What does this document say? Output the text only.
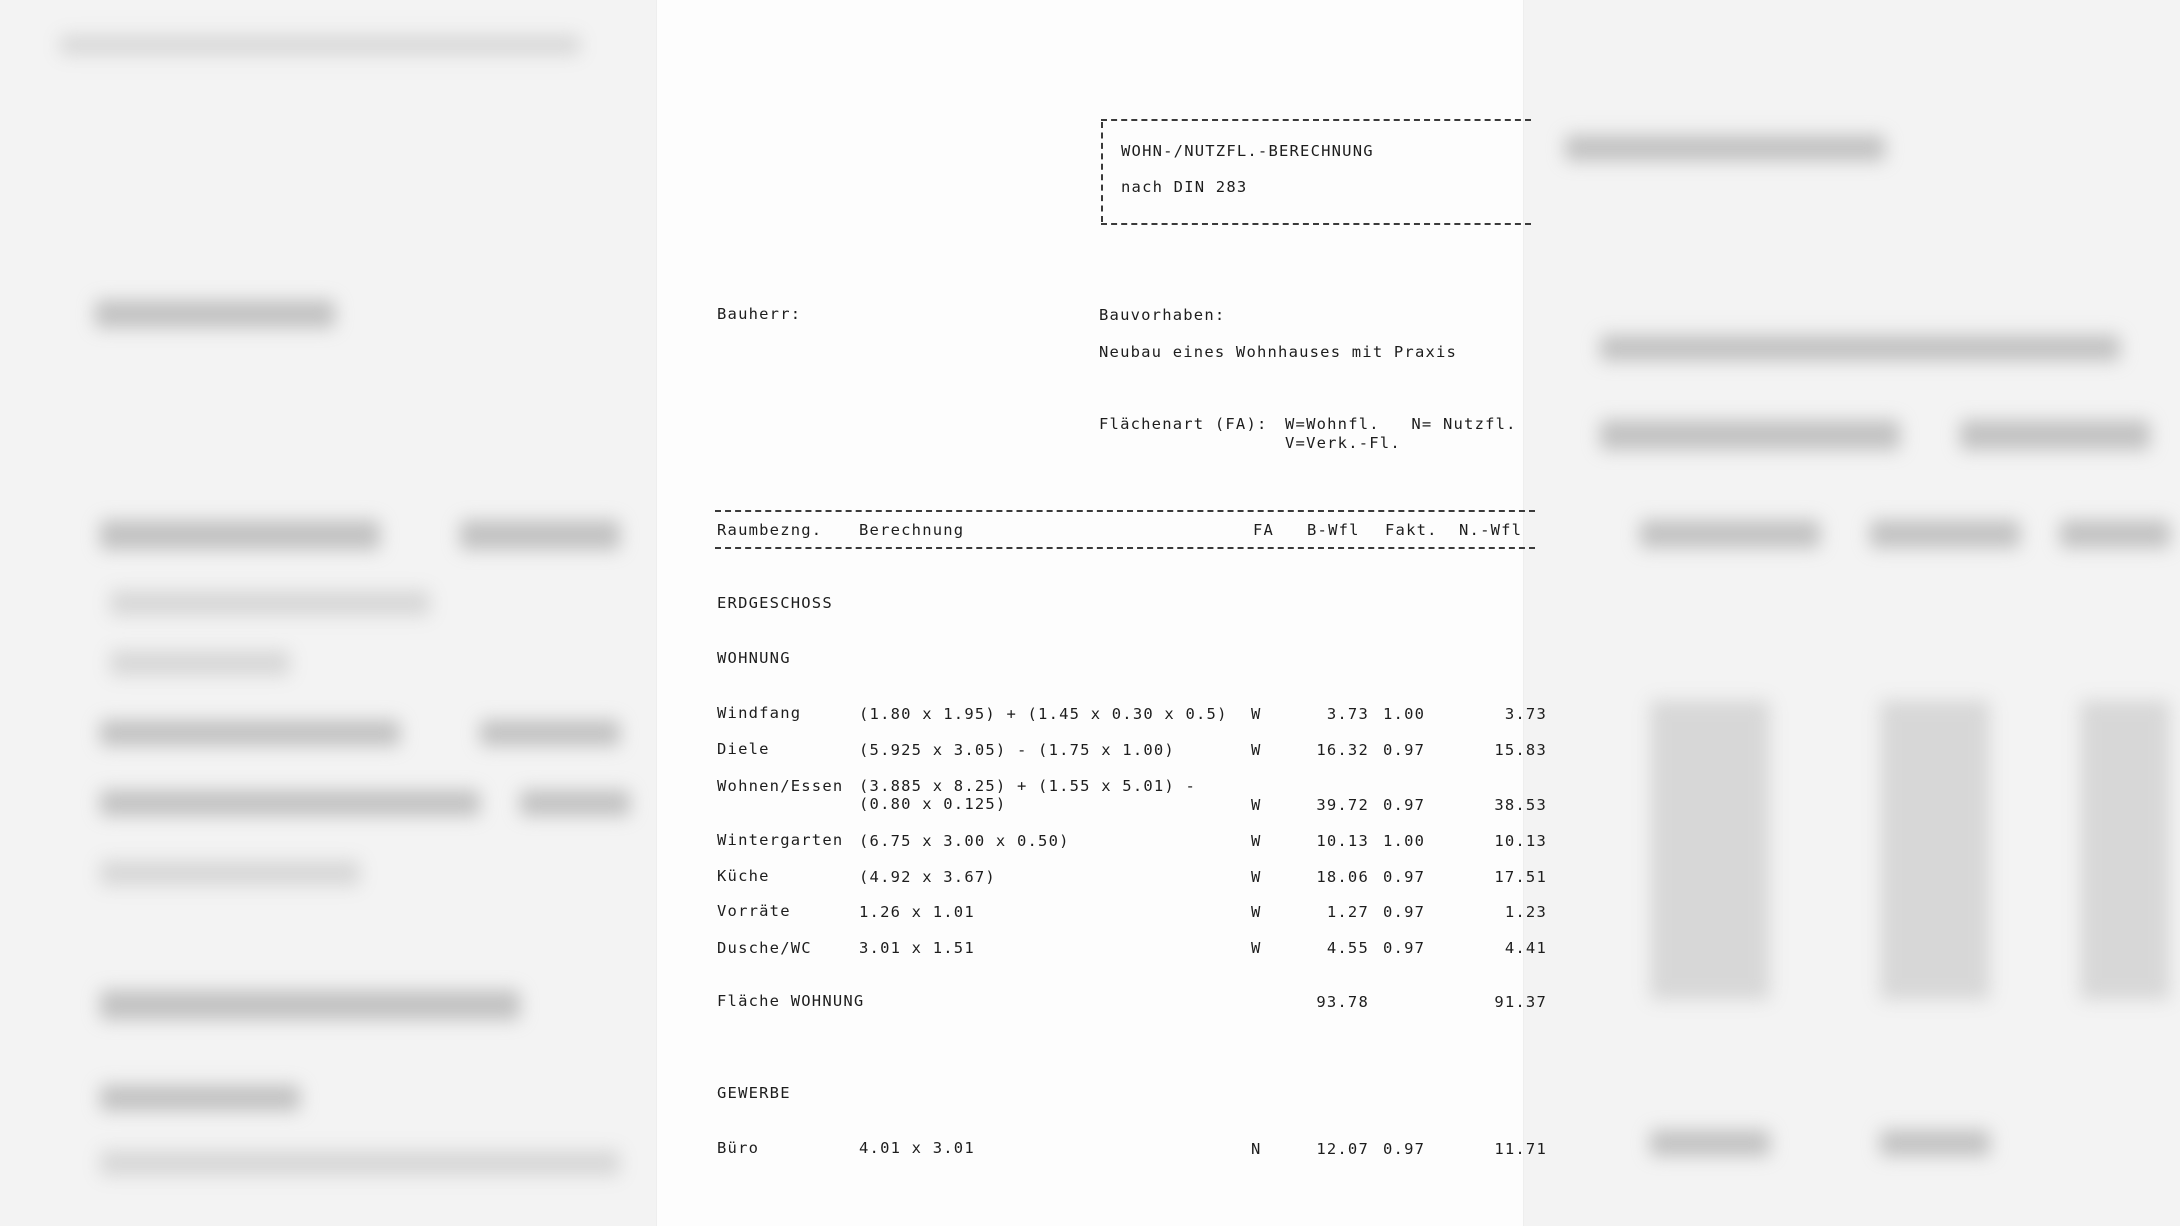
WOHN-/NUTZFL.-BERECHNUNG
nach DIN 283
Bauherr:	Bauvorhaben:
Neubau eines Wohnhauses mit Praxis
Flächenart (FA): W=Wohnfl.   N= Nutzfl.
V=Verk.-Fl.
Raumbezng. Berechnung	FA B-Wfl Fakt. N.-Wfl
ERDGESCHOSS
WOHNUNG
Windfang	(1.80 x 1.95) + (1.45 x 0.30 x 0.5) W	3.73 1.00	3.73
Diele	(5.925 x 3.05) - (1.75 x 1.00)	W	16.32 0.97	15.83
Wohnen/Essen (3.885 x 8.25) + (1.55 x 5.01) -
(0.80 x 0.125)	W	39.72 0.97	38.53
Wintergarten (6.75 x 3.00 x 0.50)	W	10.13 1.00	10.13
Küche	(4.92 x 3.67)	W	18.06 0.97	17.51
Vorräte	1.26 x 1.01	W	1.27 0.97	1.23
Dusche/WC	3.01 x 1.51	W	4.55 0.97	4.41
Fläche WOHNUNG	93.78	91.37
GEWERBE
Büro	4.01 x 3.01	N	12.07 0.97	11.71
